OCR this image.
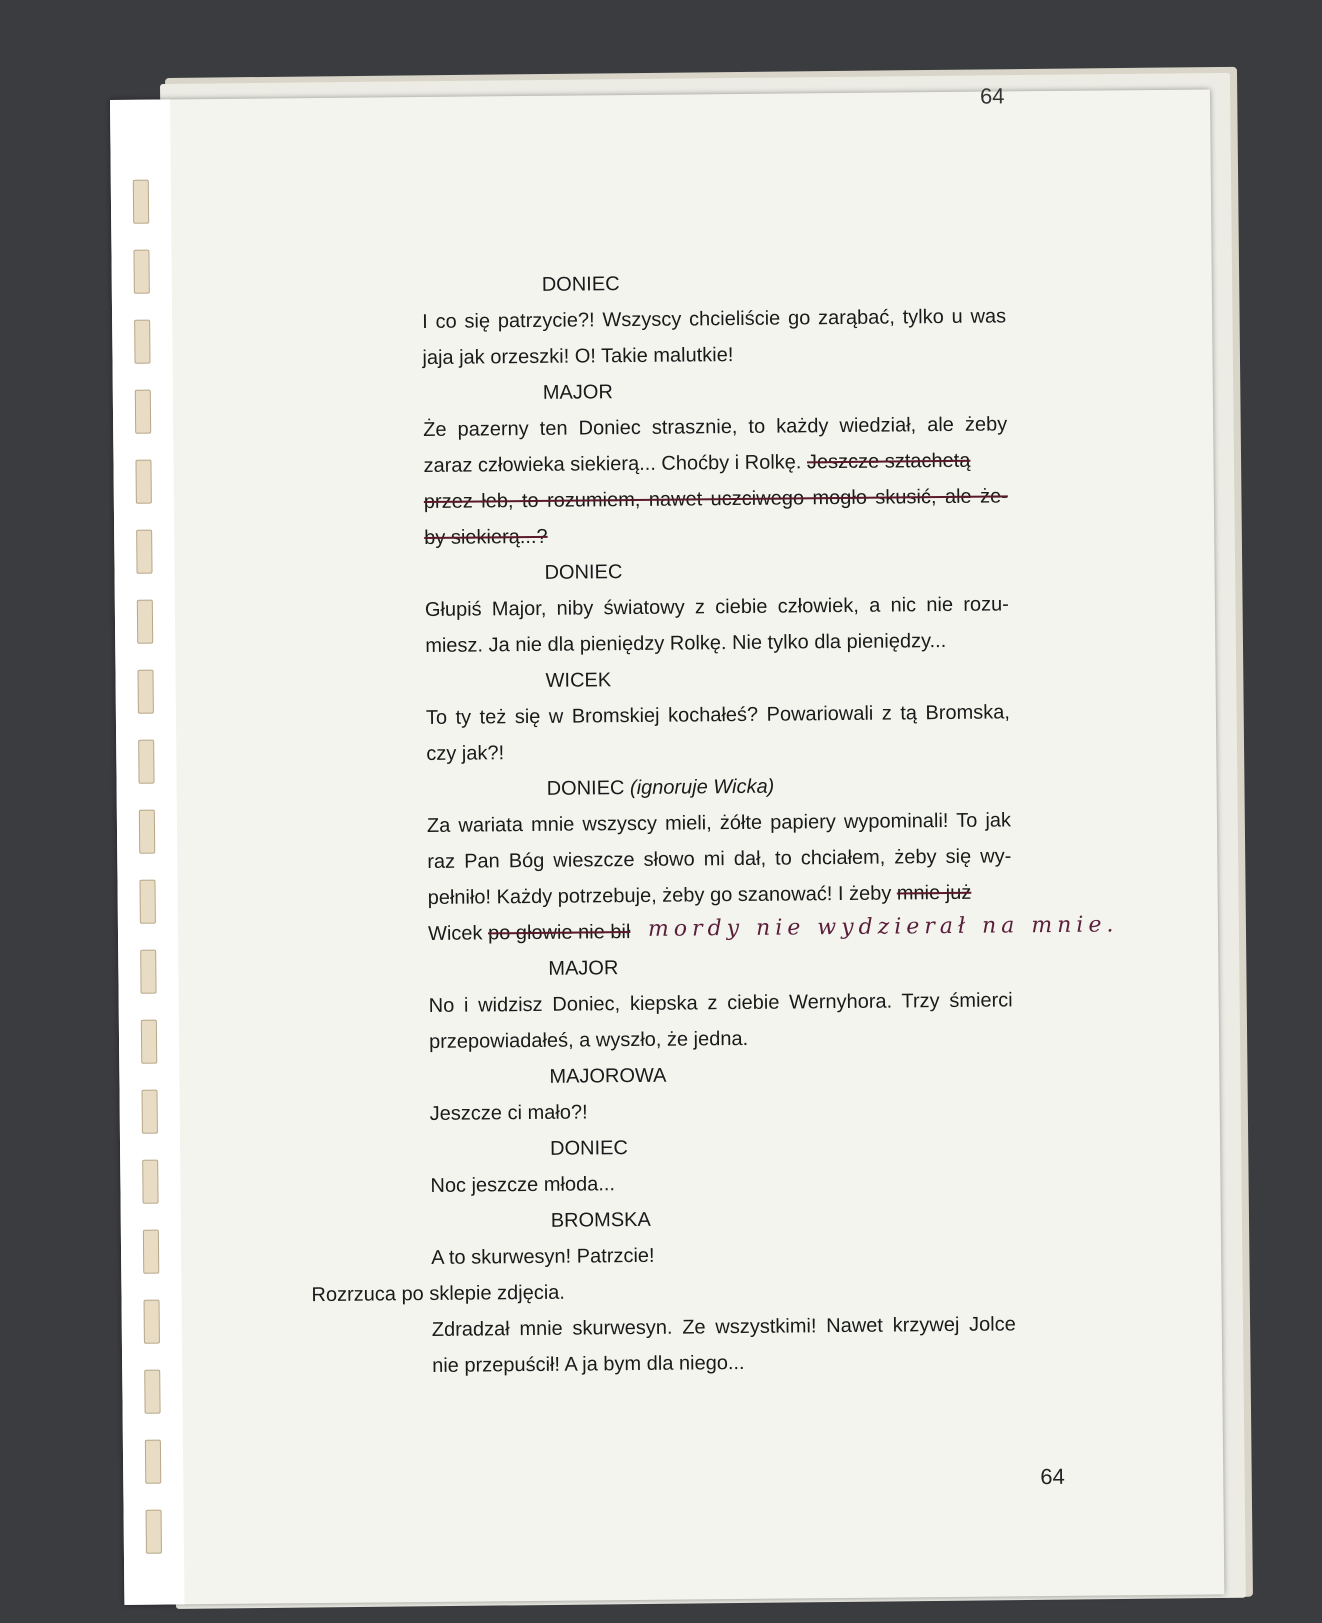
64
DONIEC
I co się patrzycie?! Wszyscy chcieliście go zarąbać, tylko u was
jaja jak orzeszki! O! Takie malutkie!
MAJOR
Że pazerny ten Doniec strasznie, to każdy wiedział, ale żeby
zaraz człowieka siekierą... Choćby i Rolkę. Jeszcze sztachetą
przez łeb, to rozumiem, nawet uczciwego mogło skusić, ale że-
by siekierą...?
DONIEC
Głupiś Major, niby światowy z ciebie człowiek, a nic nie rozu-
miesz. Ja nie dla pieniędzy Rolkę. Nie tylko dla pieniędzy...
WICEK
To ty też się w Bromskiej kochałeś? Powariowali z tą Bromska,
czy jak?!
DONIEC (ignoruje Wicka)
Za wariata mnie wszyscy mieli, żółte papiery wypominali! To jak
raz Pan Bóg wieszcze słowo mi dał, to chciałem, żeby się wy-
pełniło! Każdy potrzebuje, żeby go szanować! I żeby mnie już
Wicek po głowie nie bił mordy nie wydzierał na mnie.
MAJOR
No i widzisz Doniec, kiepska z ciebie Wernyhora. Trzy śmierci
przepowiadałeś, a wyszło, że jedna.
MAJOROWA
Jeszcze ci mało?!
DONIEC
Noc jeszcze młoda...
BROMSKA
A to skurwesyn! Patrzcie!
Rozrzuca po sklepie zdjęcia.
Zdradzał mnie skurwesyn. Ze wszystkimi! Nawet krzywej Jolce
nie przepuścił! A ja bym dla niego...
64
